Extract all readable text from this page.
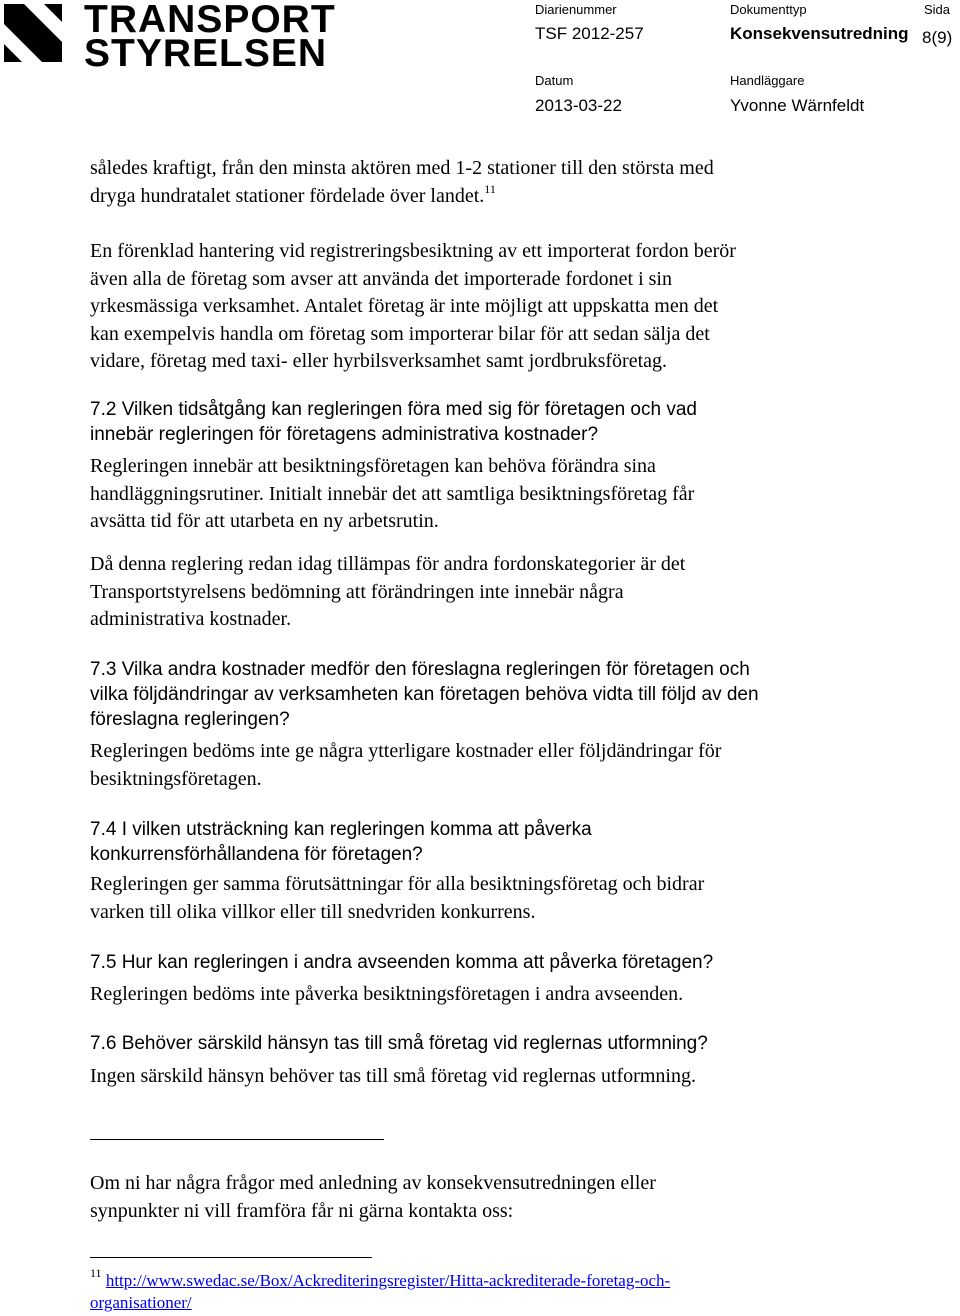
TRANSPORT
STYRELSEN
Diarienummer
TSF 2012-257
Dokumenttyp
Konsekvensutredning
Sida
8(9)
Datum
2013-03-22
Handläggare
Yvonne Wärnfeldt

således kraftigt, från den minsta aktören med 1-2 stationer till den största med

dryga hundratalet stationer fördelade över landet.$^{11}$

En förenklad hantering vid registreringsbesiktning av ett importerat fordon berör

även alla de företag som avser att använda det importerade fordonet i sin

yrkesmässiga verksamhet. Antalet företag är inte möjligt att uppskatta men det

kan exempelvis handla om företag som importerar bilar för att sedan sälja det

vidare, företag med taxi- eller hyrbilsverksamhet samt jordbruksföretag.

7.2 Vilken tidsåtgång kan regleringen föra med sig för företagen och vad

innebär regleringen för företagens administrativa kostnader?

Regleringen innebär att besiktningsföretagen kan behöva förändra sina

handläggningsrutiner. Initialt innebär det att samtliga besiktningsföretag får

avsätta tid för att utarbeta en ny arbetsrutin.

Då denna reglering redan idag tillämpas för andra fordonskategorier är det

Transportstyrelsens bedömning att förändringen inte innebär några

administrativa kostnader.

7.3 Vilka andra kostnader medför den föreslagna regleringen för företagen och

vilka följdändringar av verksamheten kan företagen behöva vidta till följd av den

föreslagna regleringen?

Regleringen bedöms inte ge några ytterligare kostnader eller följdändringar för

besiktningsföretagen.

7.4 I vilken utsträckning kan regleringen komma att påverka

konkurrensförhållandena för företagen?

Regleringen ger samma förutsättningar för alla besiktningsföretag och bidrar

varken till olika villkor eller till snedvriden konkurrens.

7.5 Hur kan regleringen i andra avseenden komma att påverka företagen?

Regleringen bedöms inte påverka besiktningsföretagen i andra avseenden.

7.6 Behöver särskild hänsyn tas till små företag vid reglernas utformning?

Ingen särskild hänsyn behöver tas till små företag vid reglernas utformning.

Om ni har några frågor med anledning av konsekvensutredningen eller

synpunkter ni vill framföra får ni gärna kontakta oss:

$^{11}$ http://www.swedac.se/Box/Ackrediteringsregister/Hitta-ackrediterade-foretag-och-

organisationer/
